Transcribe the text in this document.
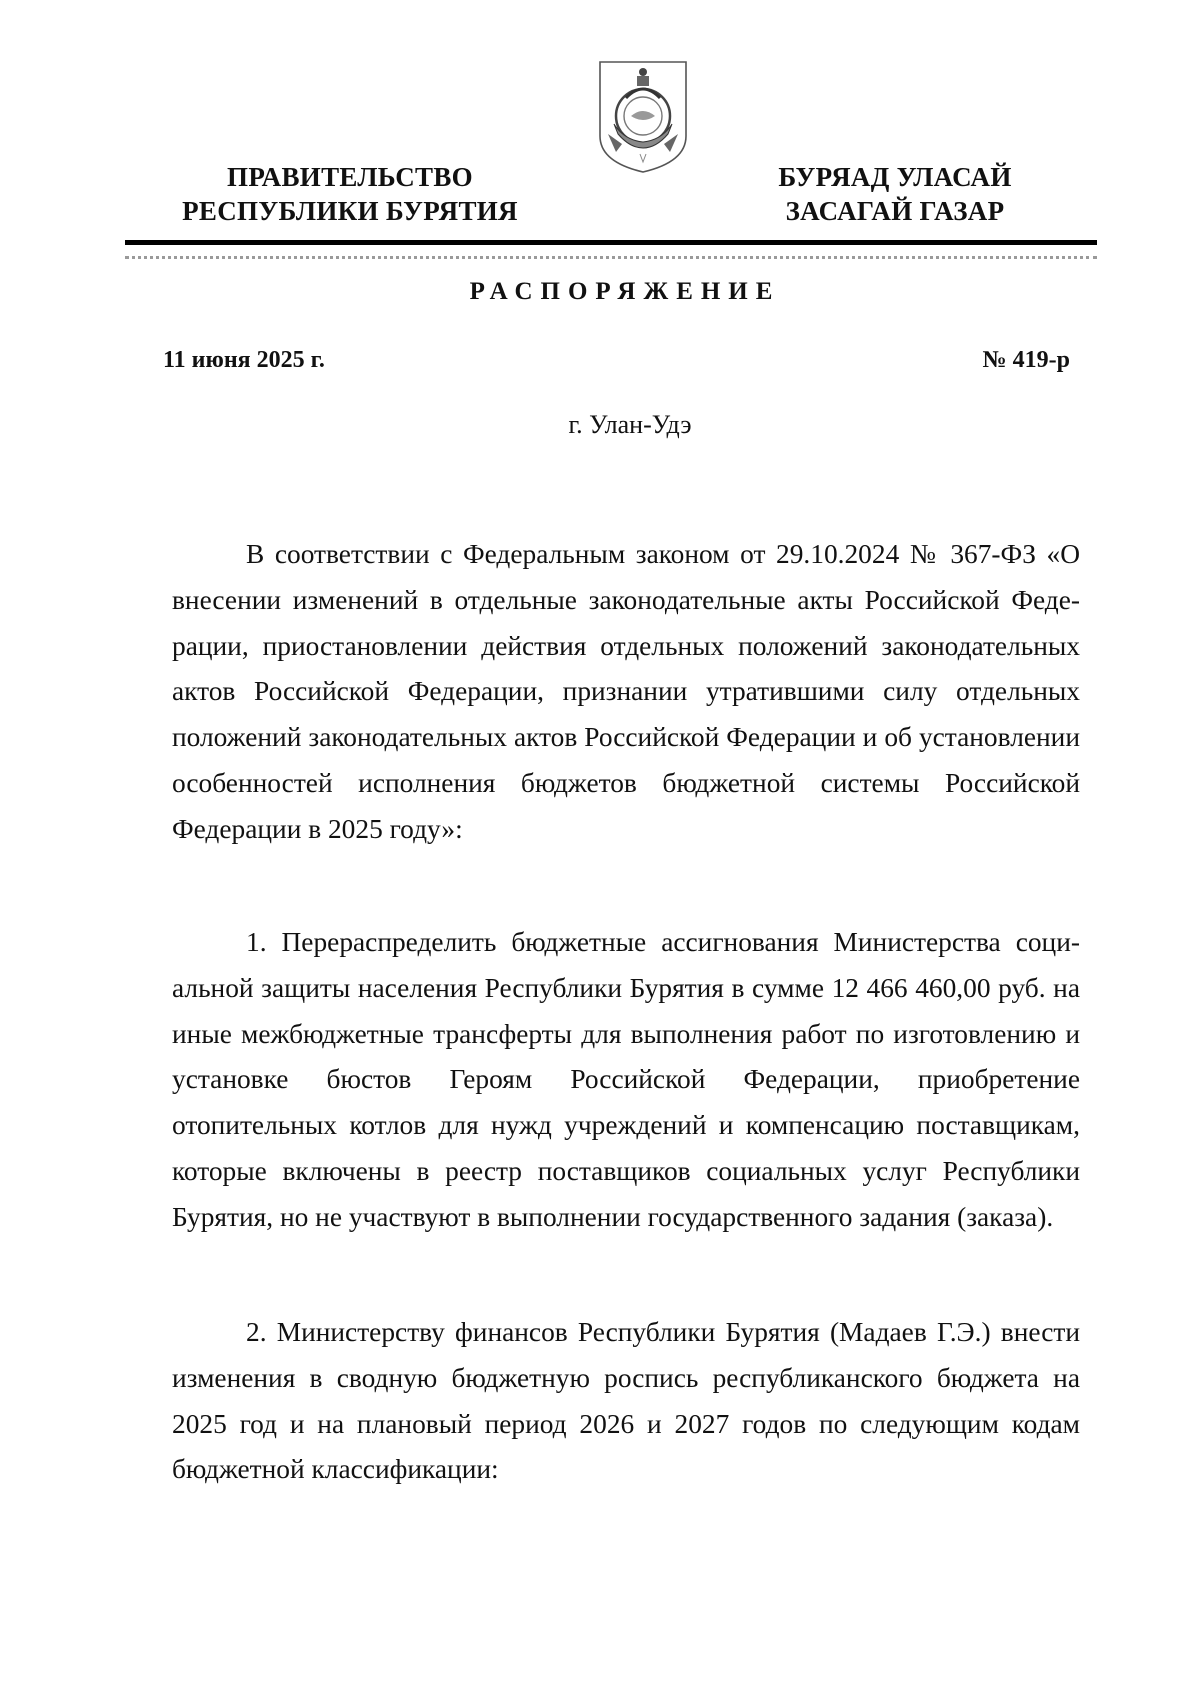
ПРАВИТЕЛЬСТВО
РЕСПУБЛИКИ БУРЯТИЯ
БУРЯАД УЛАСАЙ
ЗАСАГАЙ ГАЗАР
РАСПОРЯЖЕНИЕ
11 июня 2025 г.	№ 419-р
г. Улан-Удэ

В соответствии с Федеральным законом от 29.10.2024 № 367-ФЗ «О внесении изменений в отдельные законодательные акты Российской Федерации, приостановлении действия отдельных положений законодательных актов Российской Федерации, признании утратившими силу отдельных положений законодательных актов Российской Федерации и об установлении особенностей исполнения бюджетов бюджетной системы Российской Федерации в 2025 году»:

1. Перераспределить бюджетные ассигнования Министерства социальной защиты населения Республики Бурятия в сумме 12 466 460,00 руб. на иные межбюджетные трансферты для выполнения работ по изготовлению и установке бюстов Героям Российской Федерации, приобретение отопительных котлов для нужд учреждений и компенсацию поставщикам, которые включены в реестр поставщиков социальных услуг Республики Бурятия, но не участвуют в выполнении государственного задания (заказа).

2. Министерству финансов Республики Бурятия (Мадаев Г.Э.) внести изменения в сводную бюджетную роспись республиканского бюджета на 2025 год и на плановый период 2026 и 2027 годов по следующим кодам бюджетной классификации:
